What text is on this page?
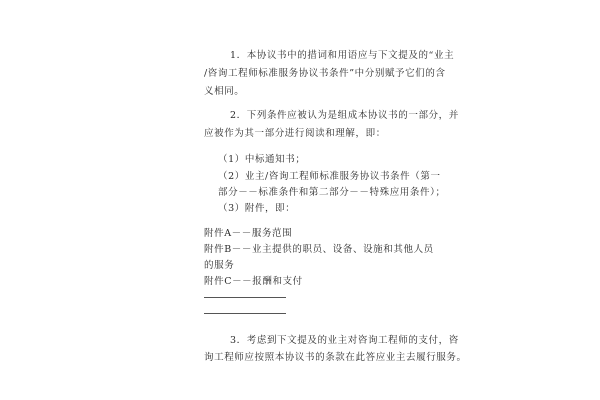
1．本协议书中的措词和用语应与下文提及的“业主
/咨询工程师标准服务协议书条件”中分别赋予它们的含
义相同。
2．下列条件应被认为是组成本协议书的一部分，并
应被作为其一部分进行阅读和理解，即：
（1）中标通知书；
（2）业主/咨询工程师标准服务协议书条件（第一
部分－－标准条件和第二部分－－特殊应用条件）；
（3）附件，即：
附件A－－服务范围
附件B－－业主提供的职员、设备、设施和其他人员
的服务
附件C－－报酬和支付
3．考虑到下文提及的业主对咨询工程师的支付，咨
询工程师应按照本协议书的条款在此答应业主去履行服务。
